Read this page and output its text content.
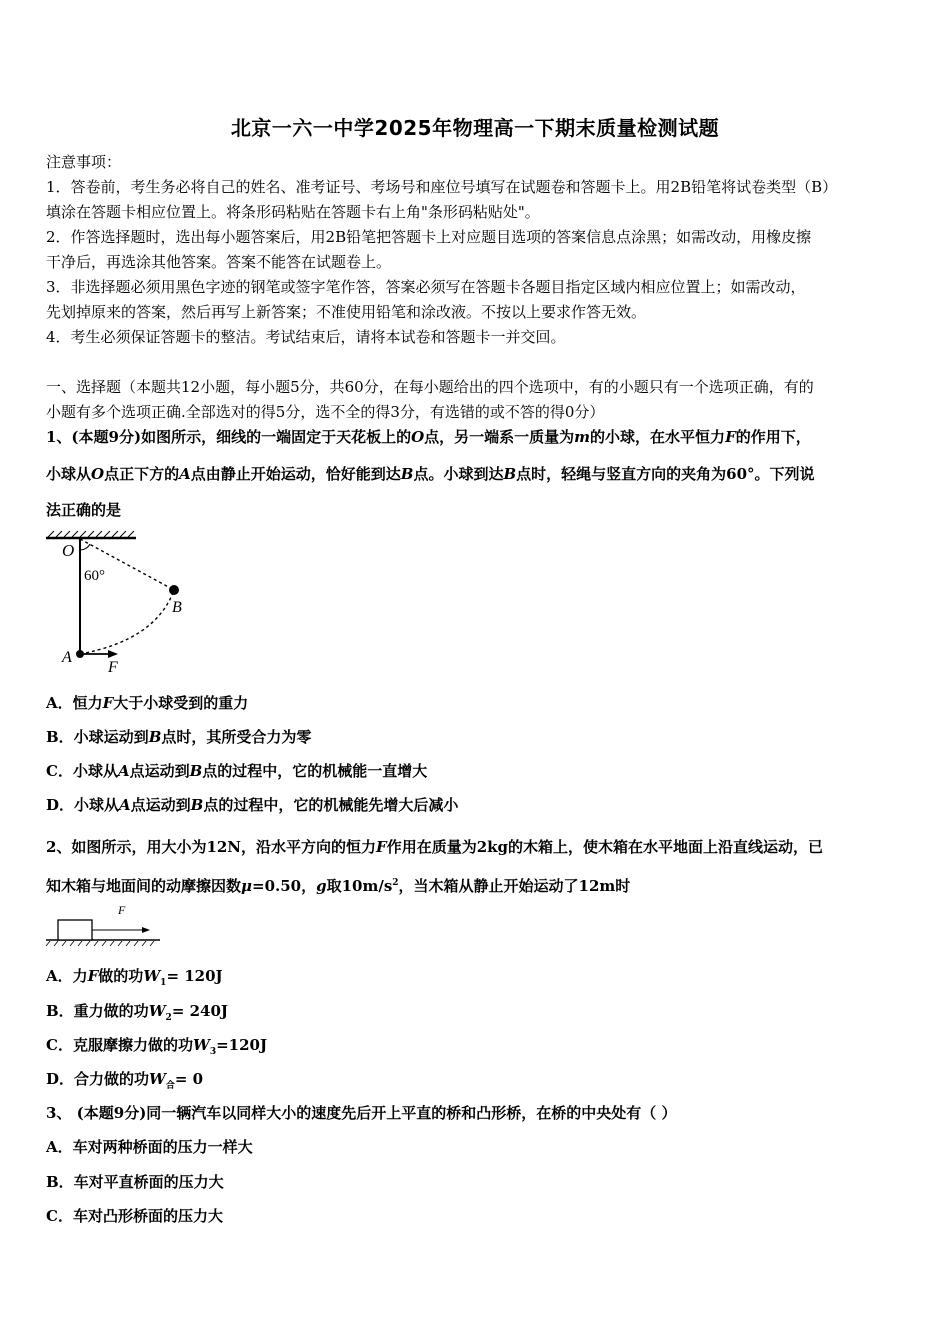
北京一六一中学2025年物理高一下期末质量检测试题
注意事项：
1．答卷前，考生务必将自己的姓名、准考证号、考场号和座位号填写在试题卷和答题卡上。用2B铅笔将试卷类型（B）
填涂在答题卡相应位置上。将条形码粘贴在答题卡右上角"条形码粘贴处"。
2．作答选择题时，选出每小题答案后，用2B铅笔把答题卡上对应题目选项的答案信息点涂黑；如需改动，用橡皮擦
干净后，再选涂其他答案。答案不能答在试题卷上。
3．非选择题必须用黑色字迹的钢笔或签字笔作答，答案必须写在答题卡各题目指定区域内相应位置上；如需改动，
先划掉原来的答案，然后再写上新答案；不准使用铅笔和涂改液。不按以上要求作答无效。
4．考生必须保证答题卡的整洁。考试结束后，请将本试卷和答题卡一并交回。
一、选择题（本题共12小题，每小题5分，共60分，在每小题给出的四个选项中，有的小题只有一个选项正确，有的
小题有多个选项正确.全部选对的得5分，选不全的得3分，有选错的或不答的得0分）
1、(本题9分)如图所示，细线的一端固定于天花板上的O点，另一端系一质量为m的小球，在水平恒力F的作用下，
小球从O点正下方的A点由静止开始运动，恰好能到达B点。小球到达B点时，轻绳与竖直方向的夹角为60°。下列说
法正确的是
O
60°
B
A
F
A．恒力F大于小球受到的重力
B．小球运动到B点时，其所受合力为零
C．小球从A点运动到B点的过程中，它的机械能一直增大
D．小球从A点运动到B点的过程中，它的机械能先增大后减小
2、如图所示，用大小为12N，沿水平方向的恒力F作用在质量为2kg的木箱上，使木箱在水平地面上沿直线运动，已
知木箱与地面间的动摩擦因数μ=0.50，g取$10m/s^2$，当木箱从静止开始运动了12m时
F
A．力F做的功$W_1= 120J$
B．重力做的功$W_2= 240J$
C．克服摩擦力做的功$W_3=120J$
D．合力做的功$W_合= 0$
3、 (本题9分)同一辆汽车以同样大小的速度先后开上平直的桥和凸形桥，在桥的中央处有（ ）
A．车对两种桥面的压力一样大
B．车对平直桥面的压力大
C．车对凸形桥面的压力大
